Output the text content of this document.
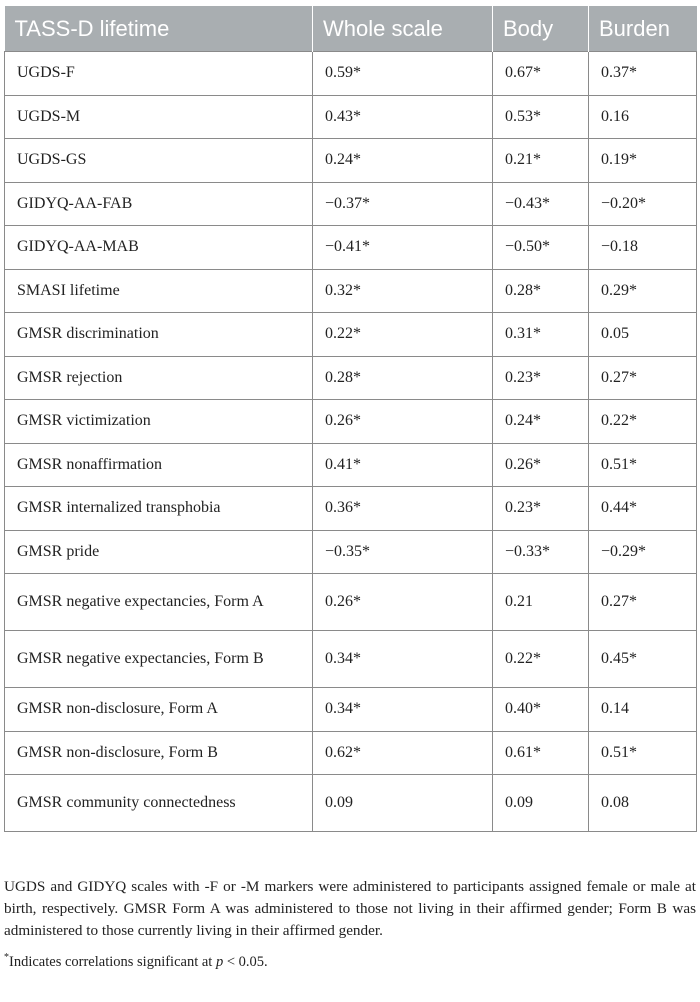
TASS-D lifetime	Whole scale	Body	Burden
UGDS-F	0.59*	0.67*	0.37*
UGDS-M	0.43*	0.53*	0.16
UGDS-GS	0.24*	0.21*	0.19*
GIDYQ-AA-FAB	−0.37*	−0.43*	−0.20*
GIDYQ-AA-MAB	−0.41*	−0.50*	−0.18
SMASI lifetime	0.32*	0.28*	0.29*
GMSR discrimination	0.22*	0.31*	0.05
GMSR rejection	0.28*	0.23*	0.27*
GMSR victimization	0.26*	0.24*	0.22*
GMSR nonaffirmation	0.41*	0.26*	0.51*
GMSR internalized transphobia	0.36*	0.23*	0.44*
GMSR pride	−0.35*	−0.33*	−0.29*
GMSR negative expectancies, Form A	0.26*	0.21	0.27*
GMSR negative expectancies, Form B	0.34*	0.22*	0.45*
GMSR non-disclosure, Form A	0.34*	0.40*	0.14
GMSR non-disclosure, Form B	0.62*	0.61*	0.51*
GMSR community connectedness	0.09	0.09	0.08

UGDS and GIDYQ scales with -F or -M markers were administered to participants assigned female or male at birth, respectively. GMSR Form A was administered to those not living in their affirmed gender; Form B was administered to those currently living in their affirmed gender.

*Indicates correlations significant at p < 0.05.
